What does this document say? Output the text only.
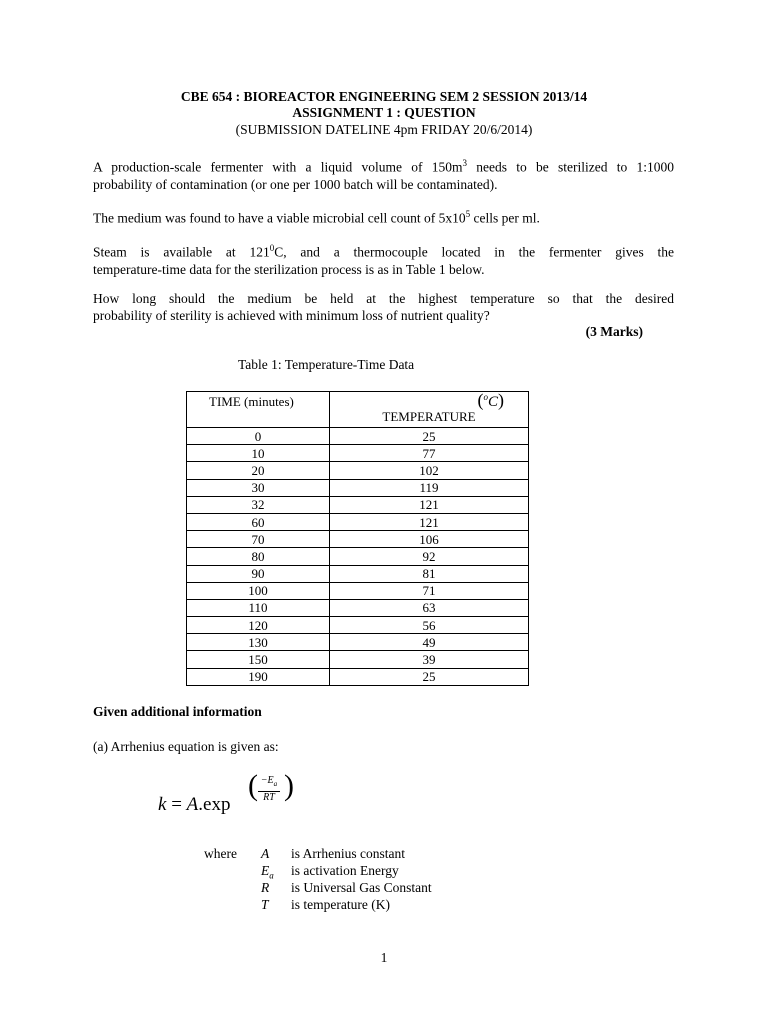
CBE 654 : BIOREACTOR ENGINEERING SEM 2 SESSION 2013/14
ASSIGNMENT 1 : QUESTION
(SUBMISSION DATELINE 4pm FRIDAY 20/6/2014)

A production-scale fermenter with a liquid volume of $150m^3$ needs to be sterilized to 1:1000

probability of contamination (or one per 1000 batch will be contaminated).

The medium was found to have a viable microbial cell count of $5x10^5$ cells per ml.

Steam is available at $121^0C$, and a thermocouple located in the fermenter gives the

temperature-time data for the sterilization process is as in Table 1 below.

How long should the medium be held at the highest temperature so that the desired

probability of sterility is achieved with minimum loss of nutrient quality?

(3 Marks)
Table 1: Temperature-Time Data
TIME (minutes)	($^o$C)
TEMPERATURE

0	25
10	77
20	102
30	119
32	121
60	121
70	106
80	92
90	81
100	71
110	63
120	56
130	49
150	39
190	25
Given additional information
(a) Arrhenius equation is given as:
k = A.exp
( $\frac{-E_a}{RT}$ )
where	A	is Arrhenius constant
$E_a$	is activation Energy
R	is Universal Gas Constant
T	is temperature (K)
1
